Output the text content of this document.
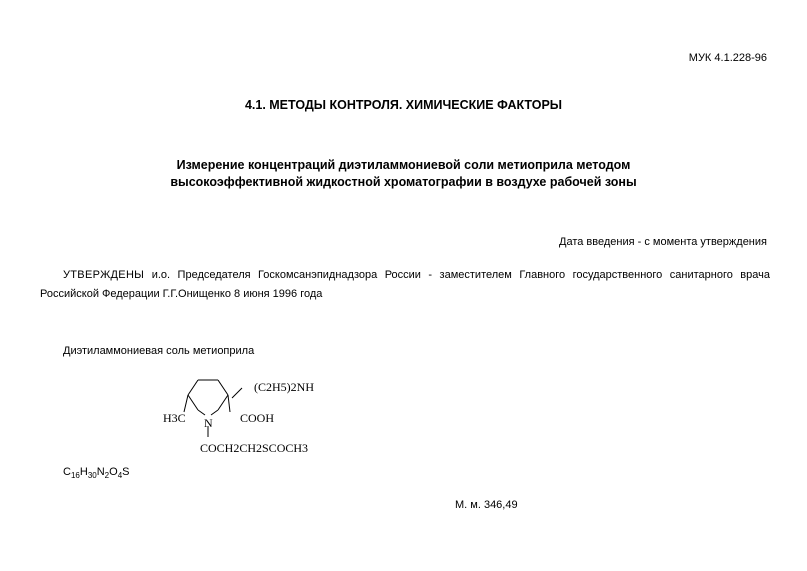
МУК 4.1.228-96
4.1. МЕТОДЫ КОНТРОЛЯ. ХИМИЧЕСКИЕ ФАКТОРЫ
Измерение концентраций диэтиламмониевой соли метиоприла методом
высокоэффективной жидкостной хроматографии в воздухе рабочей зоны
Дата введения - с момента утверждения

УТВЕРЖДЕНЫ и.о. Председателя Госкомсанэпиднадзора России - заместителем Главного государственного санитарного врача Российской Федерации Г.Г.Онищенко 8 июня 1996 года

Диэтиламмониевая соль метиоприла
(C2H5)2NH
H3C N COOH
COCH2CH2SCOCH3
$C_{16}H_{30}N_2O_4S$
М. м. 346,49
